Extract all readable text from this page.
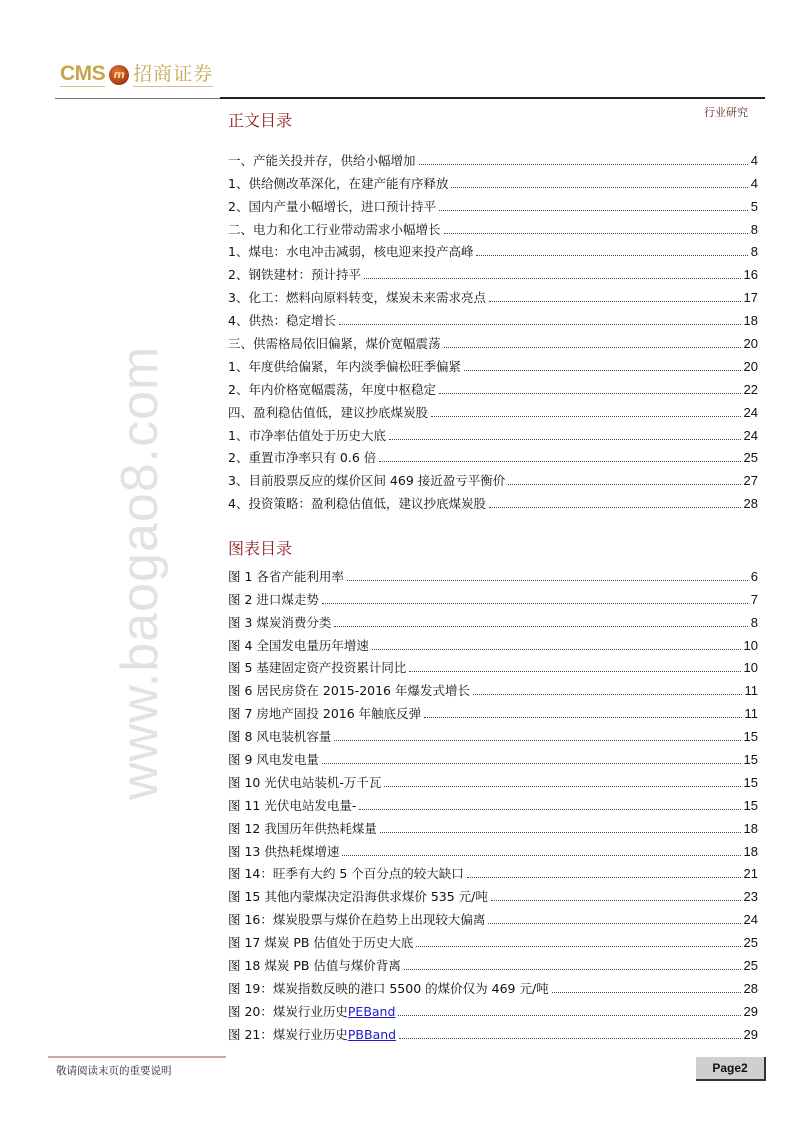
CMS m 招商证券
行业研究
www.baogao8.com
正文目录
一、产能关投并存，供给小幅增加	4
1、供给侧改革深化，在建产能有序释放	4
2、国内产量小幅增长，进口预计持平	5
二、电力和化工行业带动需求小幅增长	8
1、煤电：水电冲击减弱，核电迎来投产高峰	8
2、钢铁建材：预计持平	16
3、化工：燃料向原料转变，煤炭未来需求亮点	17
4、供热：稳定增长	18
三、供需格局依旧偏紧，煤价宽幅震荡	20
1、年度供给偏紧，年内淡季偏松旺季偏紧	20
2、年内价格宽幅震荡，年度中枢稳定	22
四、盈利稳估值低，建议抄底煤炭股	24
1、市净率估值处于历史大底	24
2、重置市净率只有 0.6 倍	25
3、目前股票反应的煤价区间 469 接近盈亏平衡价	27
4、投资策略：盈利稳估值低，建议抄底煤炭股	28
图表目录
图 1 各省产能利用率	6
图 2 进口煤走势	7
图 3 煤炭消费分类	8
图 4 全国发电量历年增速	10
图 5 基建固定资产投资累计同比	10
图 6 居民房贷在 2015-2016 年爆发式增长	11
图 7 房地产固投 2016 年触底反弹	11
图 8 风电装机容量	15
图 9 风电发电量	15
图 10 光伏电站装机-万千瓦	15
图 11 光伏电站发电量-	15
图 12 我国历年供热耗煤量	18
图 13 供热耗煤增速	18
图 14：旺季有大约 5 个百分点的较大缺口	21
图 15 其他内蒙煤决定沿海供求煤价 535 元/吨	23
图 16：煤炭股票与煤价在趋势上出现较大偏离	24
图 17 煤炭 PB 估值处于历史大底	25
图 18 煤炭 PB 估值与煤价背离	25
图 19：煤炭指数反映的港口 5500 的煤价仅为 469 元/吨	28
图 20：煤炭行业历史PEBand	29
图 21：煤炭行业历史PBBand	29
敬请阅读末页的重要说明	Page2
